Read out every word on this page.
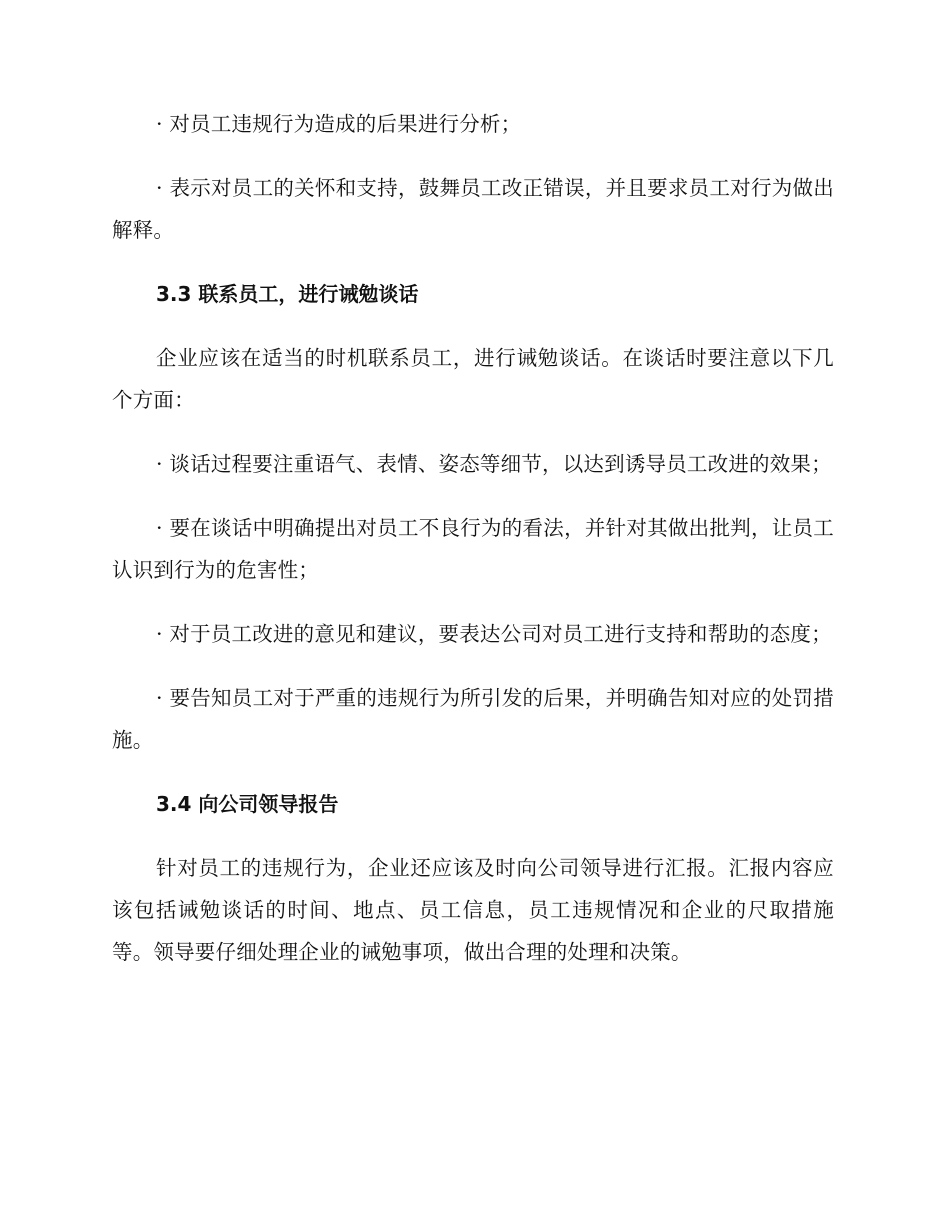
· 对员工违规行为造成的后果进行分析；

· 表示对员工的关怀和支持，鼓舞员工改正错误，并且要求员工对行为做出解释。

3.3 联系员工，进行诫勉谈话

企业应该在适当的时机联系员工，进行诫勉谈话。在谈话时要注意以下几个方面：

· 谈话过程要注重语气、表情、姿态等细节，以达到诱导员工改进的效果；

· 要在谈话中明确提出对员工不良行为的看法，并针对其做出批判，让员工认识到行为的危害性；

· 对于员工改进的意见和建议，要表达公司对员工进行支持和帮助的态度；

· 要告知员工对于严重的违规行为所引发的后果，并明确告知对应的处罚措施。

3.4 向公司领导报告

针对员工的违规行为，企业还应该及时向公司领导进行汇报。汇报内容应该包括诫勉谈话的时间、地点、员工信息，员工违规情况和企业的尺取措施等。领导要仔细处理企业的诫勉事项，做出合理的处理和决策。
